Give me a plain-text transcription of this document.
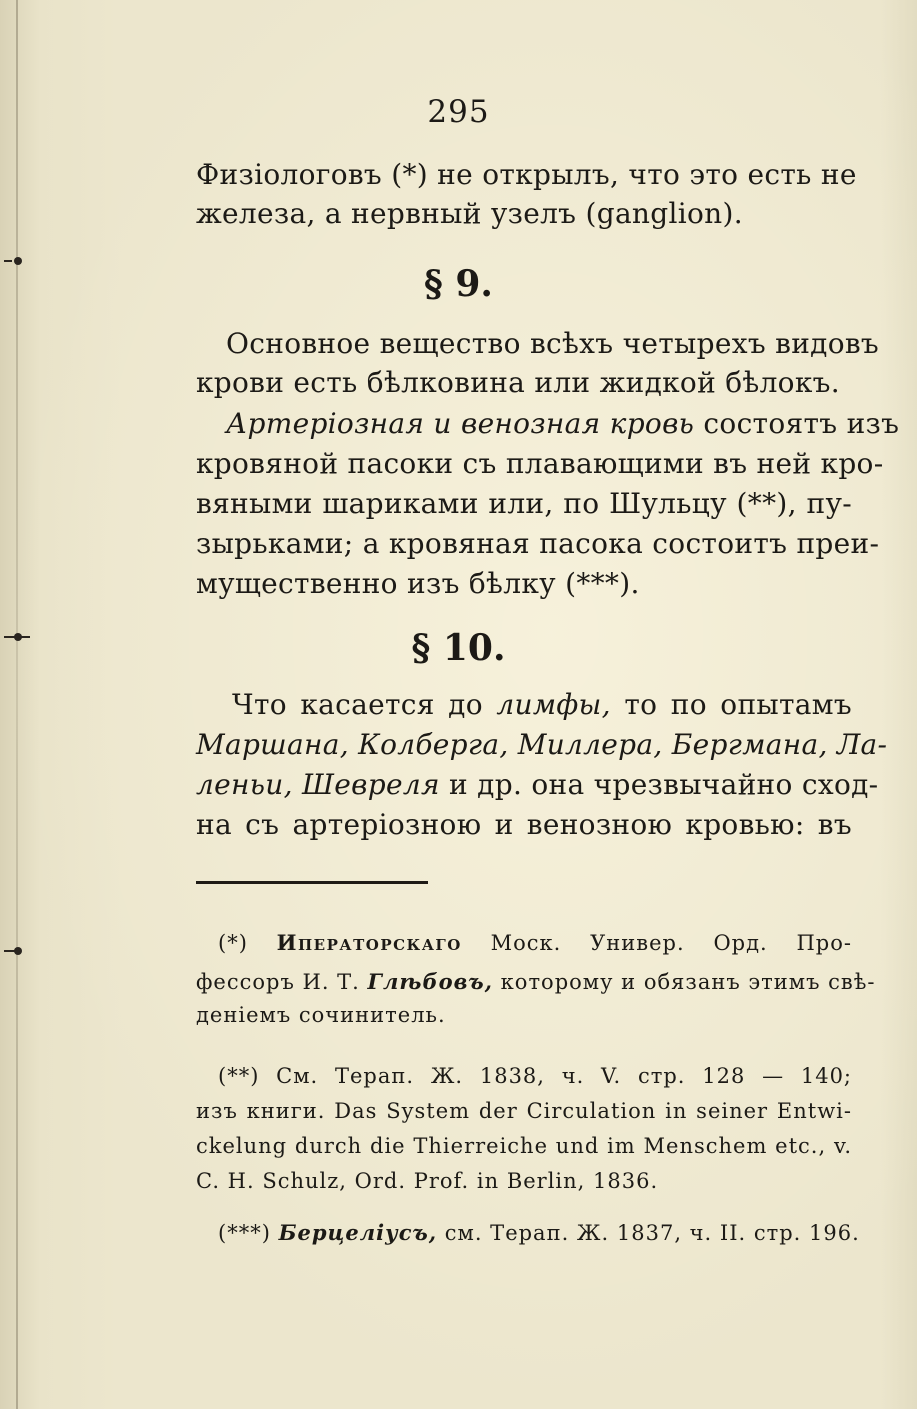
295
Физіологовъ (*) не открылъ, что это есть не
железа, а нервный узелъ (ganglion).
§ 9.
Основное вещество всѣхъ четырехъ видовъ
крови есть бѣлковина или жидкой бѣлокъ.
Артеріозная и венозная кровь состоятъ изъ
кровяной пасоки съ плавающими въ ней кро-
вяными шариками или, по Шульцу (**), пу-
зырьками; а кровяная пасока состоитъ преи-
мущественно изъ бѣлку (***).
§ 10.
Что касается до лимфы, то по опытамъ
Маршана, Колберга, Миллера, Бергмана, Ла-
леньи, Шевреля и др. она чрезвычайно сход-
на съ артеріозною и венозною кровью: въ
(*) Иператорскаго Моск. Универ. Орд. Про-
фессоръ И. Т. Глѣбовъ, которому и обязанъ этимъ свѣ-
деніемъ сочинитель.
(**) См. Терап. Ж. 1838, ч. V. стр. 128 — 140;
изъ книги. Das System der Circulation in seiner Entwi-
ckelung durch die Thierreiche und im Menschem etc., v.
C. H. Schulz, Ord. Prof. in Berlin, 1836.
(***) Берцеліусъ, см. Терап. Ж. 1837, ч. II. стр. 196.
